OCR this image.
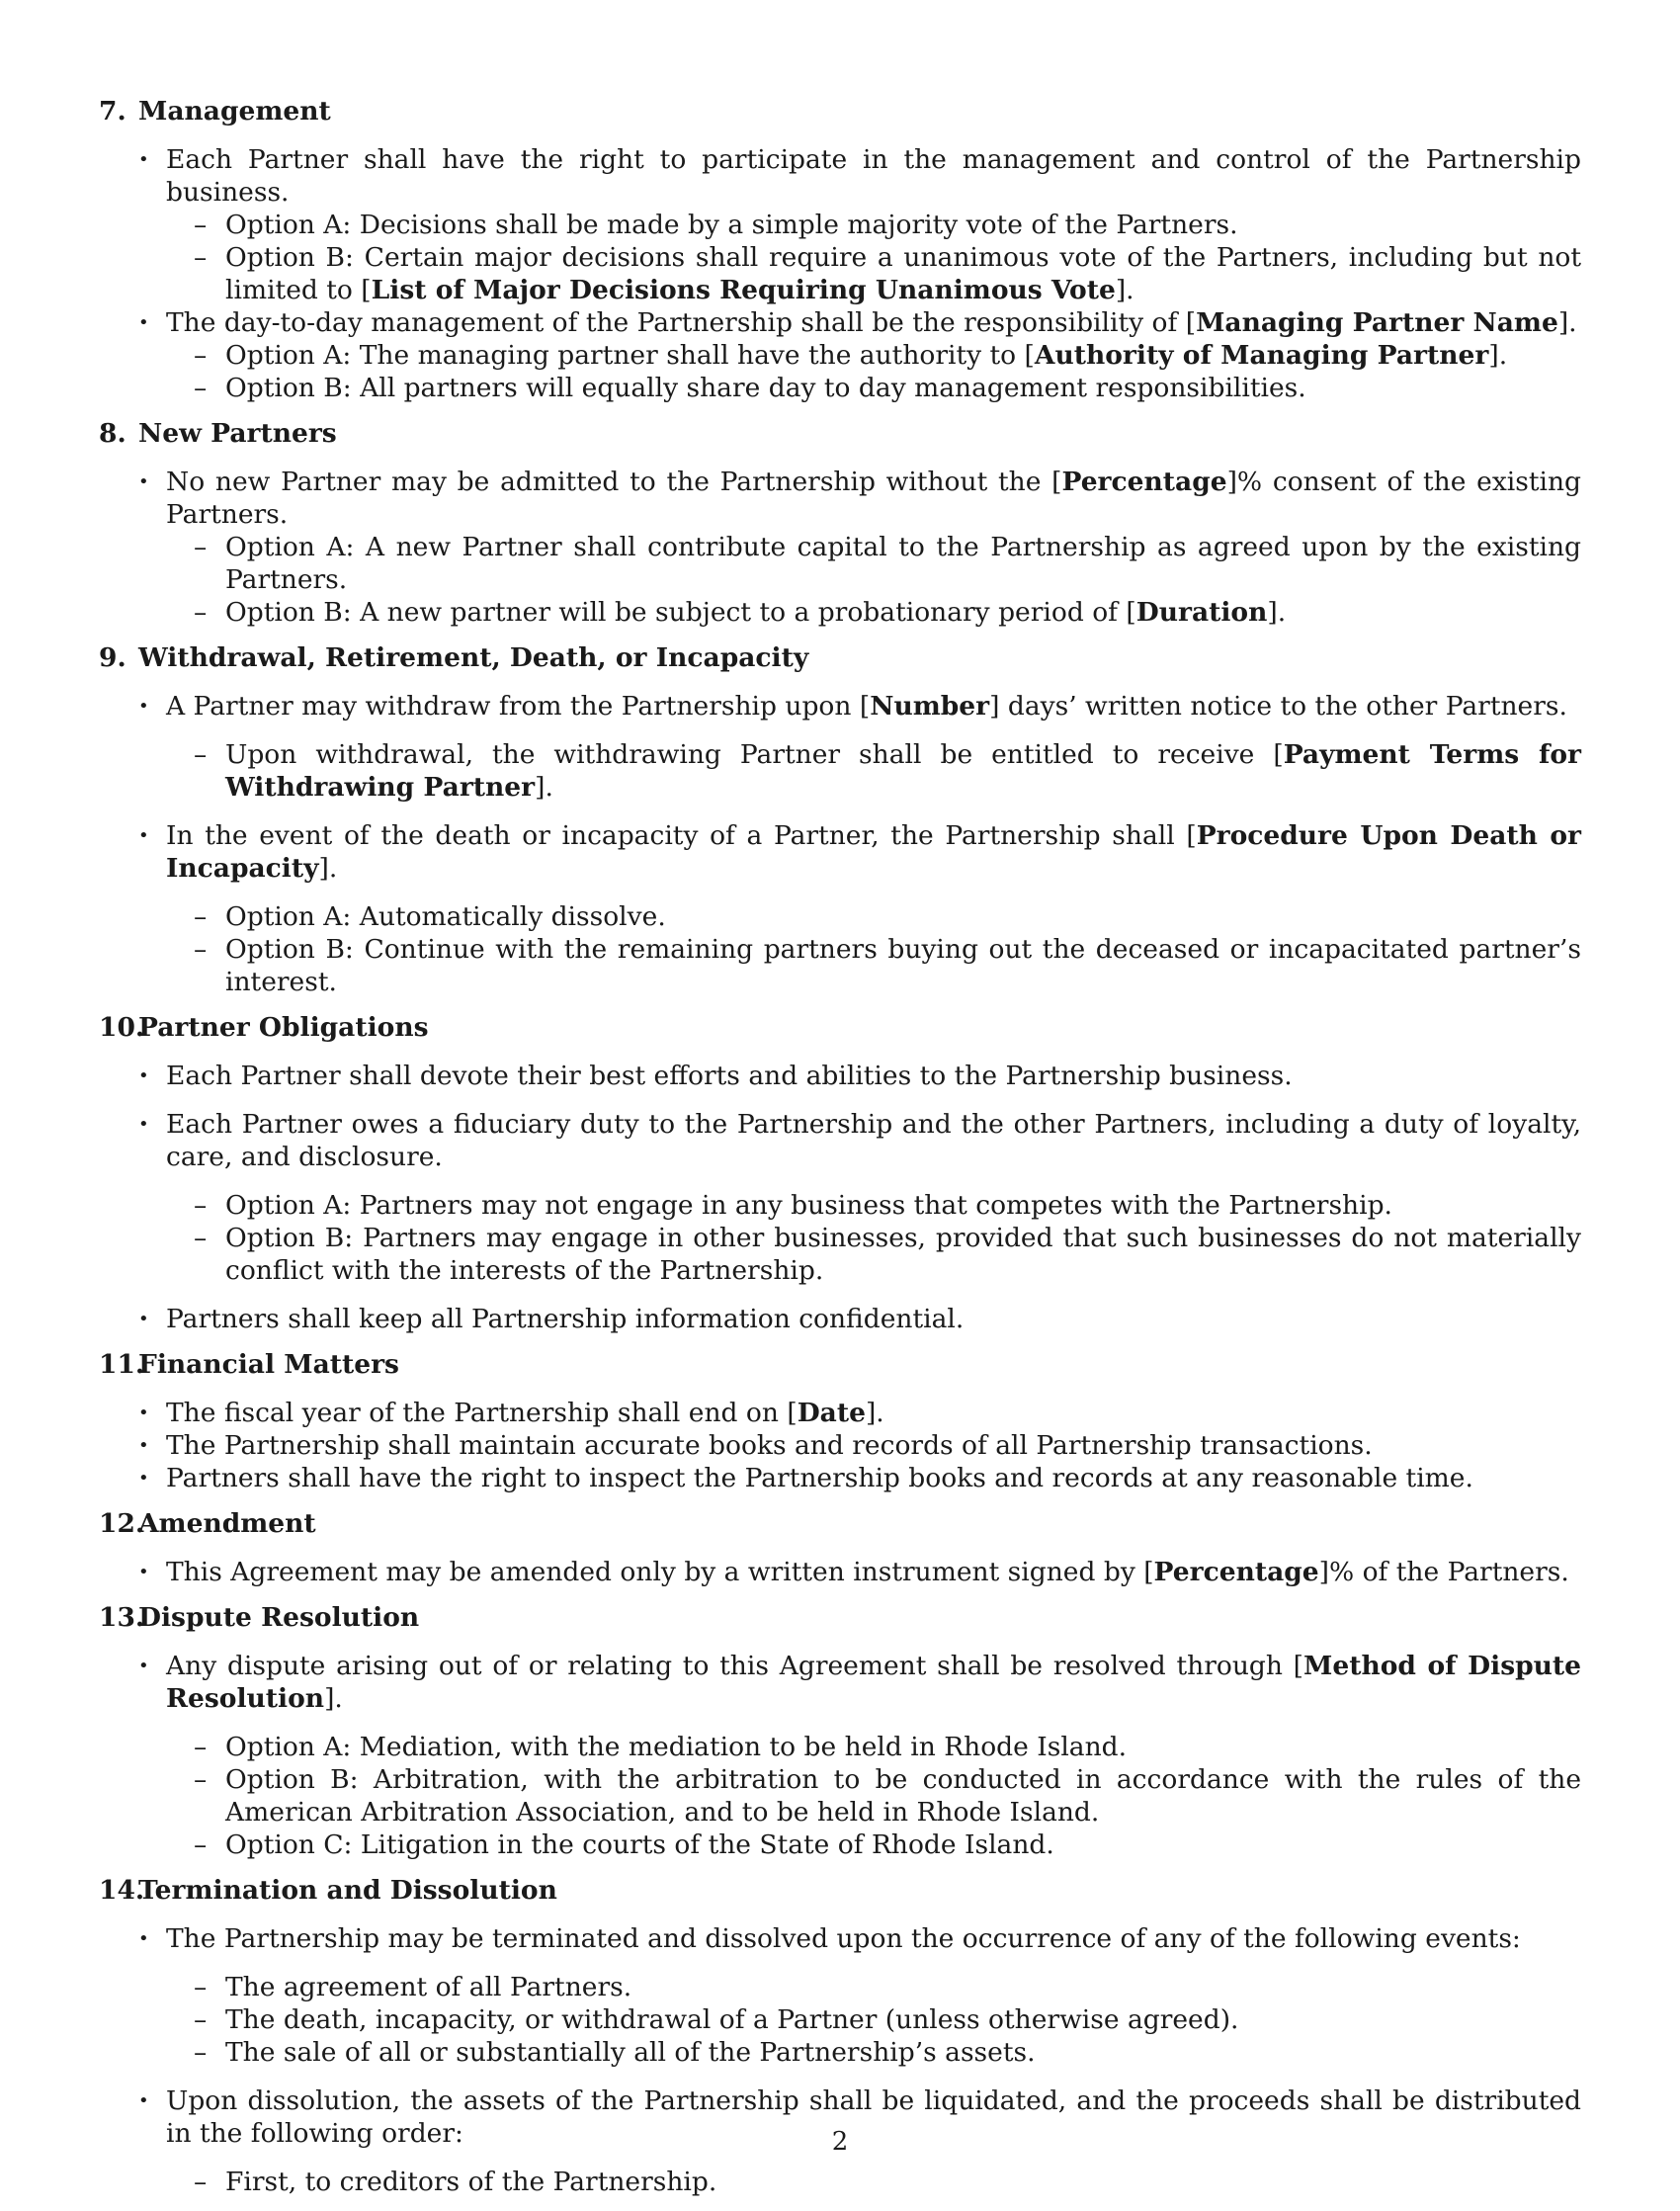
7. Management
• Each Partner shall have the right to participate in the management and control of the Partnership business.
– Option A: Decisions shall be made by a simple majority vote of the Partners.
– Option B: Certain major decisions shall require a unanimous vote of the Partners, including but not limited to [List of Major Decisions Requiring Unanimous Vote].
• The day-to-day management of the Partnership shall be the responsibility of [Managing Partner Name].
– Option A: The managing partner shall have the authority to [Authority of Managing Partner].
– Option B: All partners will equally share day to day management responsibilities.
8. New Partners
• No new Partner may be admitted to the Partnership without the [Percentage]% consent of the existing Partners.
– Option A: A new Partner shall contribute capital to the Partnership as agreed upon by the existing Partners.
– Option B: A new partner will be subject to a probationary period of [Duration].
9. Withdrawal, Retirement, Death, or Incapacity
• A Partner may withdraw from the Partnership upon [Number] days’ written notice to the other Partners.
– Upon withdrawal, the withdrawing Partner shall be entitled to receive [Payment Terms for Withdrawing Partner].
• In the event of the death or incapacity of a Partner, the Partnership shall [Procedure Upon Death or Incapacity].
– Option A: Automatically dissolve.
– Option B: Continue with the remaining partners buying out the deceased or incapacitated partner’s interest.
10.
Partner Obligations
• Each Partner shall devote their best efforts and abilities to the Partnership business.
• Each Partner owes a fiduciary duty to the Partnership and the other Partners, including a duty of loyalty, care, and disclosure.
– Option A: Partners may not engage in any business that competes with the Partnership.
– Option B: Partners may engage in other businesses, provided that such businesses do not materially conflict with the interests of the Partnership.
• Partners shall keep all Partnership information confidential.
11.
Financial Matters
• The fiscal year of the Partnership shall end on [Date].
• The Partnership shall maintain accurate books and records of all Partnership transactions.
• Partners shall have the right to inspect the Partnership books and records at any reasonable time.
12.
Amendment
• This Agreement may be amended only by a written instrument signed by [Percentage]% of the Partners.
13.
Dispute Resolution
• Any dispute arising out of or relating to this Agreement shall be resolved through [Method of Dispute Resolution].
– Option A: Mediation, with the mediation to be held in Rhode Island.
– Option B: Arbitration, with the arbitration to be conducted in accordance with the rules of the American Arbitration Association, and to be held in Rhode Island.
– Option C: Litigation in the courts of the State of Rhode Island.
14.
Termination and Dissolution
• The Partnership may be terminated and dissolved upon the occurrence of any of the following events:
– The agreement of all Partners.
– The death, incapacity, or withdrawal of a Partner (unless otherwise agreed).
– The sale of all or substantially all of the Partnership’s assets.
• Upon dissolution, the assets of the Partnership shall be liquidated, and the proceeds shall be distributed in the following order:
– First, to creditors of the Partnership.
2
